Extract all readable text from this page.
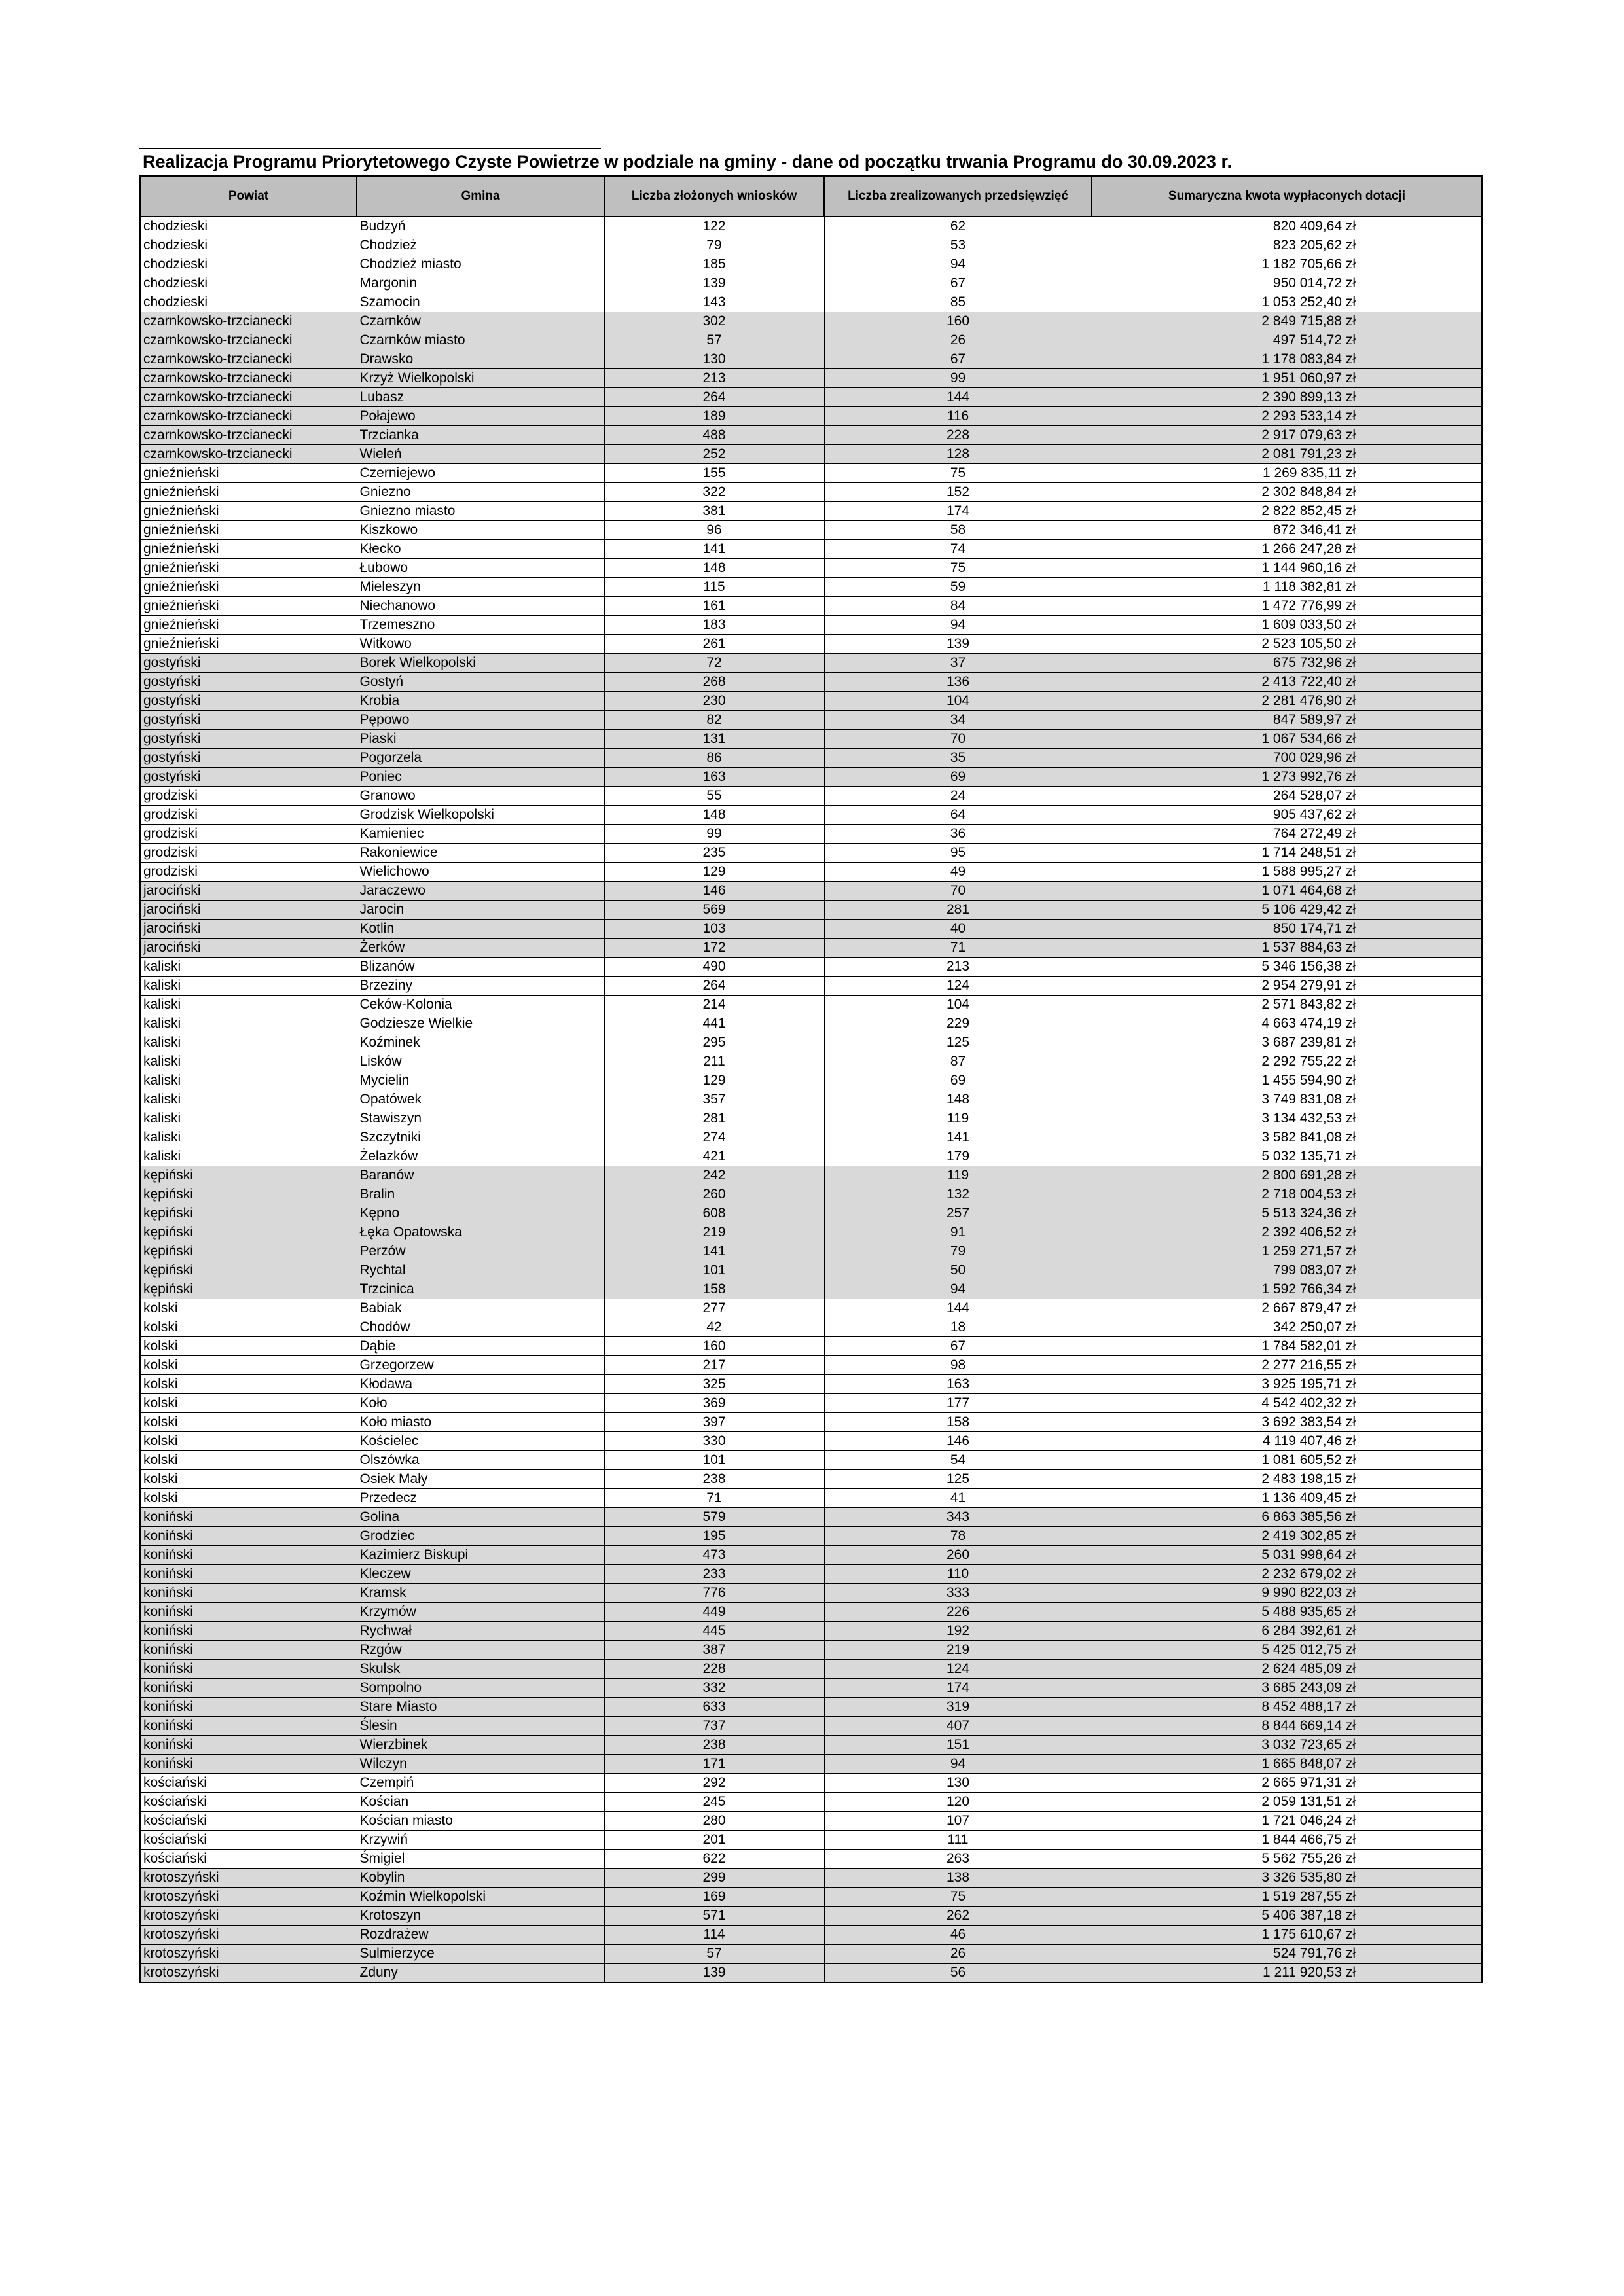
Realizacja Programu Priorytetowego Czyste Powietrze w podziale na gminy - dane od początku trwania Programu do 30.09.2023 r.
Powiat	Gmina	Liczba złożonych wniosków	Liczba zrealizowanych przedsięwzięć	Sumaryczna kwota wypłaconych dotacji
chodzieski	Budzyń	122	62	820 409,64 zł
chodzieski	Chodzież	79	53	823 205,62 zł
chodzieski	Chodzież miasto	185	94	1 182 705,66 zł
chodzieski	Margonin	139	67	950 014,72 zł
chodzieski	Szamocin	143	85	1 053 252,40 zł
czarnkowsko-trzcianecki	Czarnków	302	160	2 849 715,88 zł
czarnkowsko-trzcianecki	Czarnków miasto	57	26	497 514,72 zł
czarnkowsko-trzcianecki	Drawsko	130	67	1 178 083,84 zł
czarnkowsko-trzcianecki	Krzyż Wielkopolski	213	99	1 951 060,97 zł
czarnkowsko-trzcianecki	Lubasz	264	144	2 390 899,13 zł
czarnkowsko-trzcianecki	Połajewo	189	116	2 293 533,14 zł
czarnkowsko-trzcianecki	Trzcianka	488	228	2 917 079,63 zł
czarnkowsko-trzcianecki	Wieleń	252	128	2 081 791,23 zł
gnieźnieński	Czerniejewo	155	75	1 269 835,11 zł
gnieźnieński	Gniezno	322	152	2 302 848,84 zł
gnieźnieński	Gniezno miasto	381	174	2 822 852,45 zł
gnieźnieński	Kiszkowo	96	58	872 346,41 zł
gnieźnieński	Kłecko	141	74	1 266 247,28 zł
gnieźnieński	Łubowo	148	75	1 144 960,16 zł
gnieźnieński	Mieleszyn	115	59	1 118 382,81 zł
gnieźnieński	Niechanowo	161	84	1 472 776,99 zł
gnieźnieński	Trzemeszno	183	94	1 609 033,50 zł
gnieźnieński	Witkowo	261	139	2 523 105,50 zł
gostyński	Borek Wielkopolski	72	37	675 732,96 zł
gostyński	Gostyń	268	136	2 413 722,40 zł
gostyński	Krobia	230	104	2 281 476,90 zł
gostyński	Pępowo	82	34	847 589,97 zł
gostyński	Piaski	131	70	1 067 534,66 zł
gostyński	Pogorzela	86	35	700 029,96 zł
gostyński	Poniec	163	69	1 273 992,76 zł
grodziski	Granowo	55	24	264 528,07 zł
grodziski	Grodzisk Wielkopolski	148	64	905 437,62 zł
grodziski	Kamieniec	99	36	764 272,49 zł
grodziski	Rakoniewice	235	95	1 714 248,51 zł
grodziski	Wielichowo	129	49	1 588 995,27 zł
jarociński	Jaraczewo	146	70	1 071 464,68 zł
jarociński	Jarocin	569	281	5 106 429,42 zł
jarociński	Kotlin	103	40	850 174,71 zł
jarociński	Żerków	172	71	1 537 884,63 zł
kaliski	Blizanów	490	213	5 346 156,38 zł
kaliski	Brzeziny	264	124	2 954 279,91 zł
kaliski	Ceków-Kolonia	214	104	2 571 843,82 zł
kaliski	Godziesze Wielkie	441	229	4 663 474,19 zł
kaliski	Koźminek	295	125	3 687 239,81 zł
kaliski	Lisków	211	87	2 292 755,22 zł
kaliski	Mycielin	129	69	1 455 594,90 zł
kaliski	Opatówek	357	148	3 749 831,08 zł
kaliski	Stawiszyn	281	119	3 134 432,53 zł
kaliski	Szczytniki	274	141	3 582 841,08 zł
kaliski	Żelazków	421	179	5 032 135,71 zł
kępiński	Baranów	242	119	2 800 691,28 zł
kępiński	Bralin	260	132	2 718 004,53 zł
kępiński	Kępno	608	257	5 513 324,36 zł
kępiński	Łęka Opatowska	219	91	2 392 406,52 zł
kępiński	Perzów	141	79	1 259 271,57 zł
kępiński	Rychtal	101	50	799 083,07 zł
kępiński	Trzcinica	158	94	1 592 766,34 zł
kolski	Babiak	277	144	2 667 879,47 zł
kolski	Chodów	42	18	342 250,07 zł
kolski	Dąbie	160	67	1 784 582,01 zł
kolski	Grzegorzew	217	98	2 277 216,55 zł
kolski	Kłodawa	325	163	3 925 195,71 zł
kolski	Koło	369	177	4 542 402,32 zł
kolski	Koło miasto	397	158	3 692 383,54 zł
kolski	Kościelec	330	146	4 119 407,46 zł
kolski	Olszówka	101	54	1 081 605,52 zł
kolski	Osiek Mały	238	125	2 483 198,15 zł
kolski	Przedecz	71	41	1 136 409,45 zł
koniński	Golina	579	343	6 863 385,56 zł
koniński	Grodziec	195	78	2 419 302,85 zł
koniński	Kazimierz Biskupi	473	260	5 031 998,64 zł
koniński	Kleczew	233	110	2 232 679,02 zł
koniński	Kramsk	776	333	9 990 822,03 zł
koniński	Krzymów	449	226	5 488 935,65 zł
koniński	Rychwał	445	192	6 284 392,61 zł
koniński	Rzgów	387	219	5 425 012,75 zł
koniński	Skulsk	228	124	2 624 485,09 zł
koniński	Sompolno	332	174	3 685 243,09 zł
koniński	Stare Miasto	633	319	8 452 488,17 zł
koniński	Ślesin	737	407	8 844 669,14 zł
koniński	Wierzbinek	238	151	3 032 723,65 zł
koniński	Wilczyn	171	94	1 665 848,07 zł
kościański	Czempiń	292	130	2 665 971,31 zł
kościański	Kościan	245	120	2 059 131,51 zł
kościański	Kościan miasto	280	107	1 721 046,24 zł
kościański	Krzywiń	201	111	1 844 466,75 zł
kościański	Śmigiel	622	263	5 562 755,26 zł
krotoszyński	Kobylin	299	138	3 326 535,80 zł
krotoszyński	Koźmin Wielkopolski	169	75	1 519 287,55 zł
krotoszyński	Krotoszyn	571	262	5 406 387,18 zł
krotoszyński	Rozdrażew	114	46	1 175 610,67 zł
krotoszyński	Sulmierzyce	57	26	524 791,76 zł
krotoszyński	Zduny	139	56	1 211 920,53 zł
